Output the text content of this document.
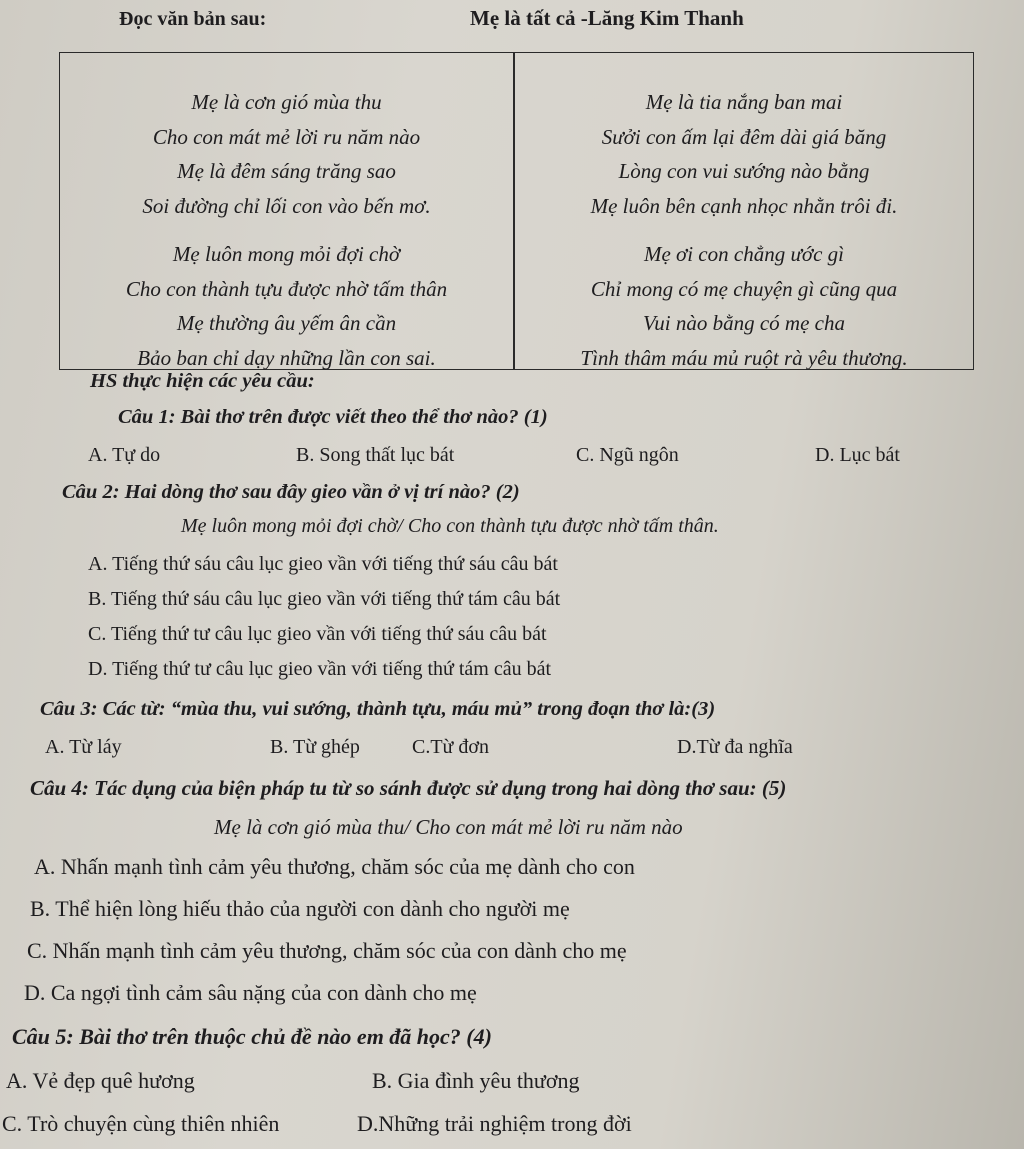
Đọc văn bản sau:	Mẹ là tất cả -Lăng Kim Thanh
Mẹ là cơn gió mùa thu
Cho con mát mẻ lời ru năm nào
Mẹ là đêm sáng trăng sao
Soi đường chỉ lối con vào bến mơ.
Mẹ luôn mong mỏi đợi chờ
Cho con thành tựu được nhờ tấm thân
Mẹ thường âu yếm ân cần
Bảo ban chỉ dạy những lần con sai.
Mẹ là tia nắng ban mai
Sưởi con ấm lại đêm dài giá băng
Lòng con vui sướng nào bằng
Mẹ luôn bên cạnh nhọc nhằn trôi đi.
Mẹ ơi con chẳng ước gì
Chỉ mong có mẹ chuyện gì cũng qua
Vui nào bằng có mẹ cha
Tình thâm máu mủ ruột rà yêu thương.
HS thực hiện các yêu cầu:
Câu 1: Bài thơ trên được viết theo thể thơ nào? (1)
A. Tự do	B. Song thất lục bát	C. Ngũ ngôn	D. Lục bát
Câu 2: Hai dòng thơ sau đây gieo vần ở vị trí nào? (2)
Mẹ luôn mong mỏi đợi chờ/ Cho con thành tựu được nhờ tấm thân.
A. Tiếng thứ sáu câu lục gieo vần với tiếng thứ sáu câu bát
B. Tiếng thứ sáu câu lục gieo vần với tiếng thứ tám câu bát
C. Tiếng thứ tư câu lục gieo vần với tiếng thứ sáu câu bát
D. Tiếng thứ tư câu lục gieo vần với tiếng thứ tám câu bát
Câu 3: Các từ: “mùa thu, vui sướng, thành tựu, máu mủ” trong đoạn thơ là:(3)
A. Từ láy	B. Từ ghép	C.Từ đơn	D.Từ đa nghĩa
Câu 4: Tác dụng của biện pháp tu từ so sánh được sử dụng trong hai dòng thơ sau: (5)
Mẹ là cơn gió mùa thu/ Cho con mát mẻ lời ru năm nào
A. Nhấn mạnh tình cảm yêu thương, chăm sóc của mẹ dành cho con
B. Thể hiện lòng hiếu thảo của người con dành cho người mẹ
C. Nhấn mạnh tình cảm yêu thương, chăm sóc của con dành cho mẹ
D. Ca ngợi tình cảm sâu nặng của con dành cho mẹ
Câu 5: Bài thơ trên thuộc chủ đề nào em đã học? (4)
A. Vẻ đẹp quê hương	B. Gia đình yêu thương
C. Trò chuyện cùng thiên nhiên	D.Những trải nghiệm trong đời
